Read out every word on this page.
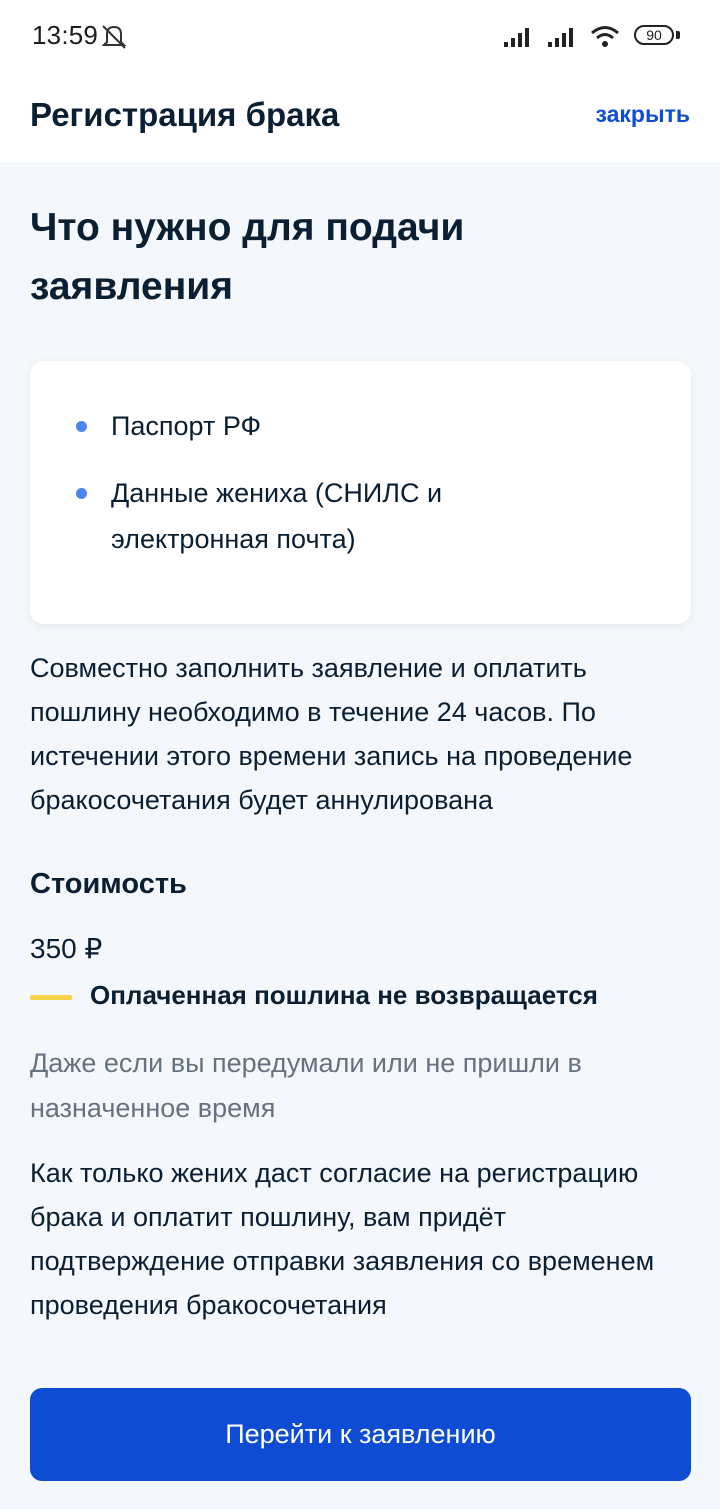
13:59	90
Регистрация брака	закрыть
Что нужно для подачи заявления
Паспорт РФ
Данные жениха (СНИЛС и электронная почта)

Совместно заполнить заявление и оплатить пошлину необходимо в течение 24 часов. По истечении этого времени запись на проведение бракосочетания будет аннулирована

Стоимость
350 ₽
Оплаченная пошлина не возвращается

Даже если вы передумали или не пришли в назначенное время

Как только жених даст согласие на регистрацию брака и оплатит пошлину, вам придёт подтверждение отправки заявления со временем проведения бракосочетания

Перейти к заявлению
